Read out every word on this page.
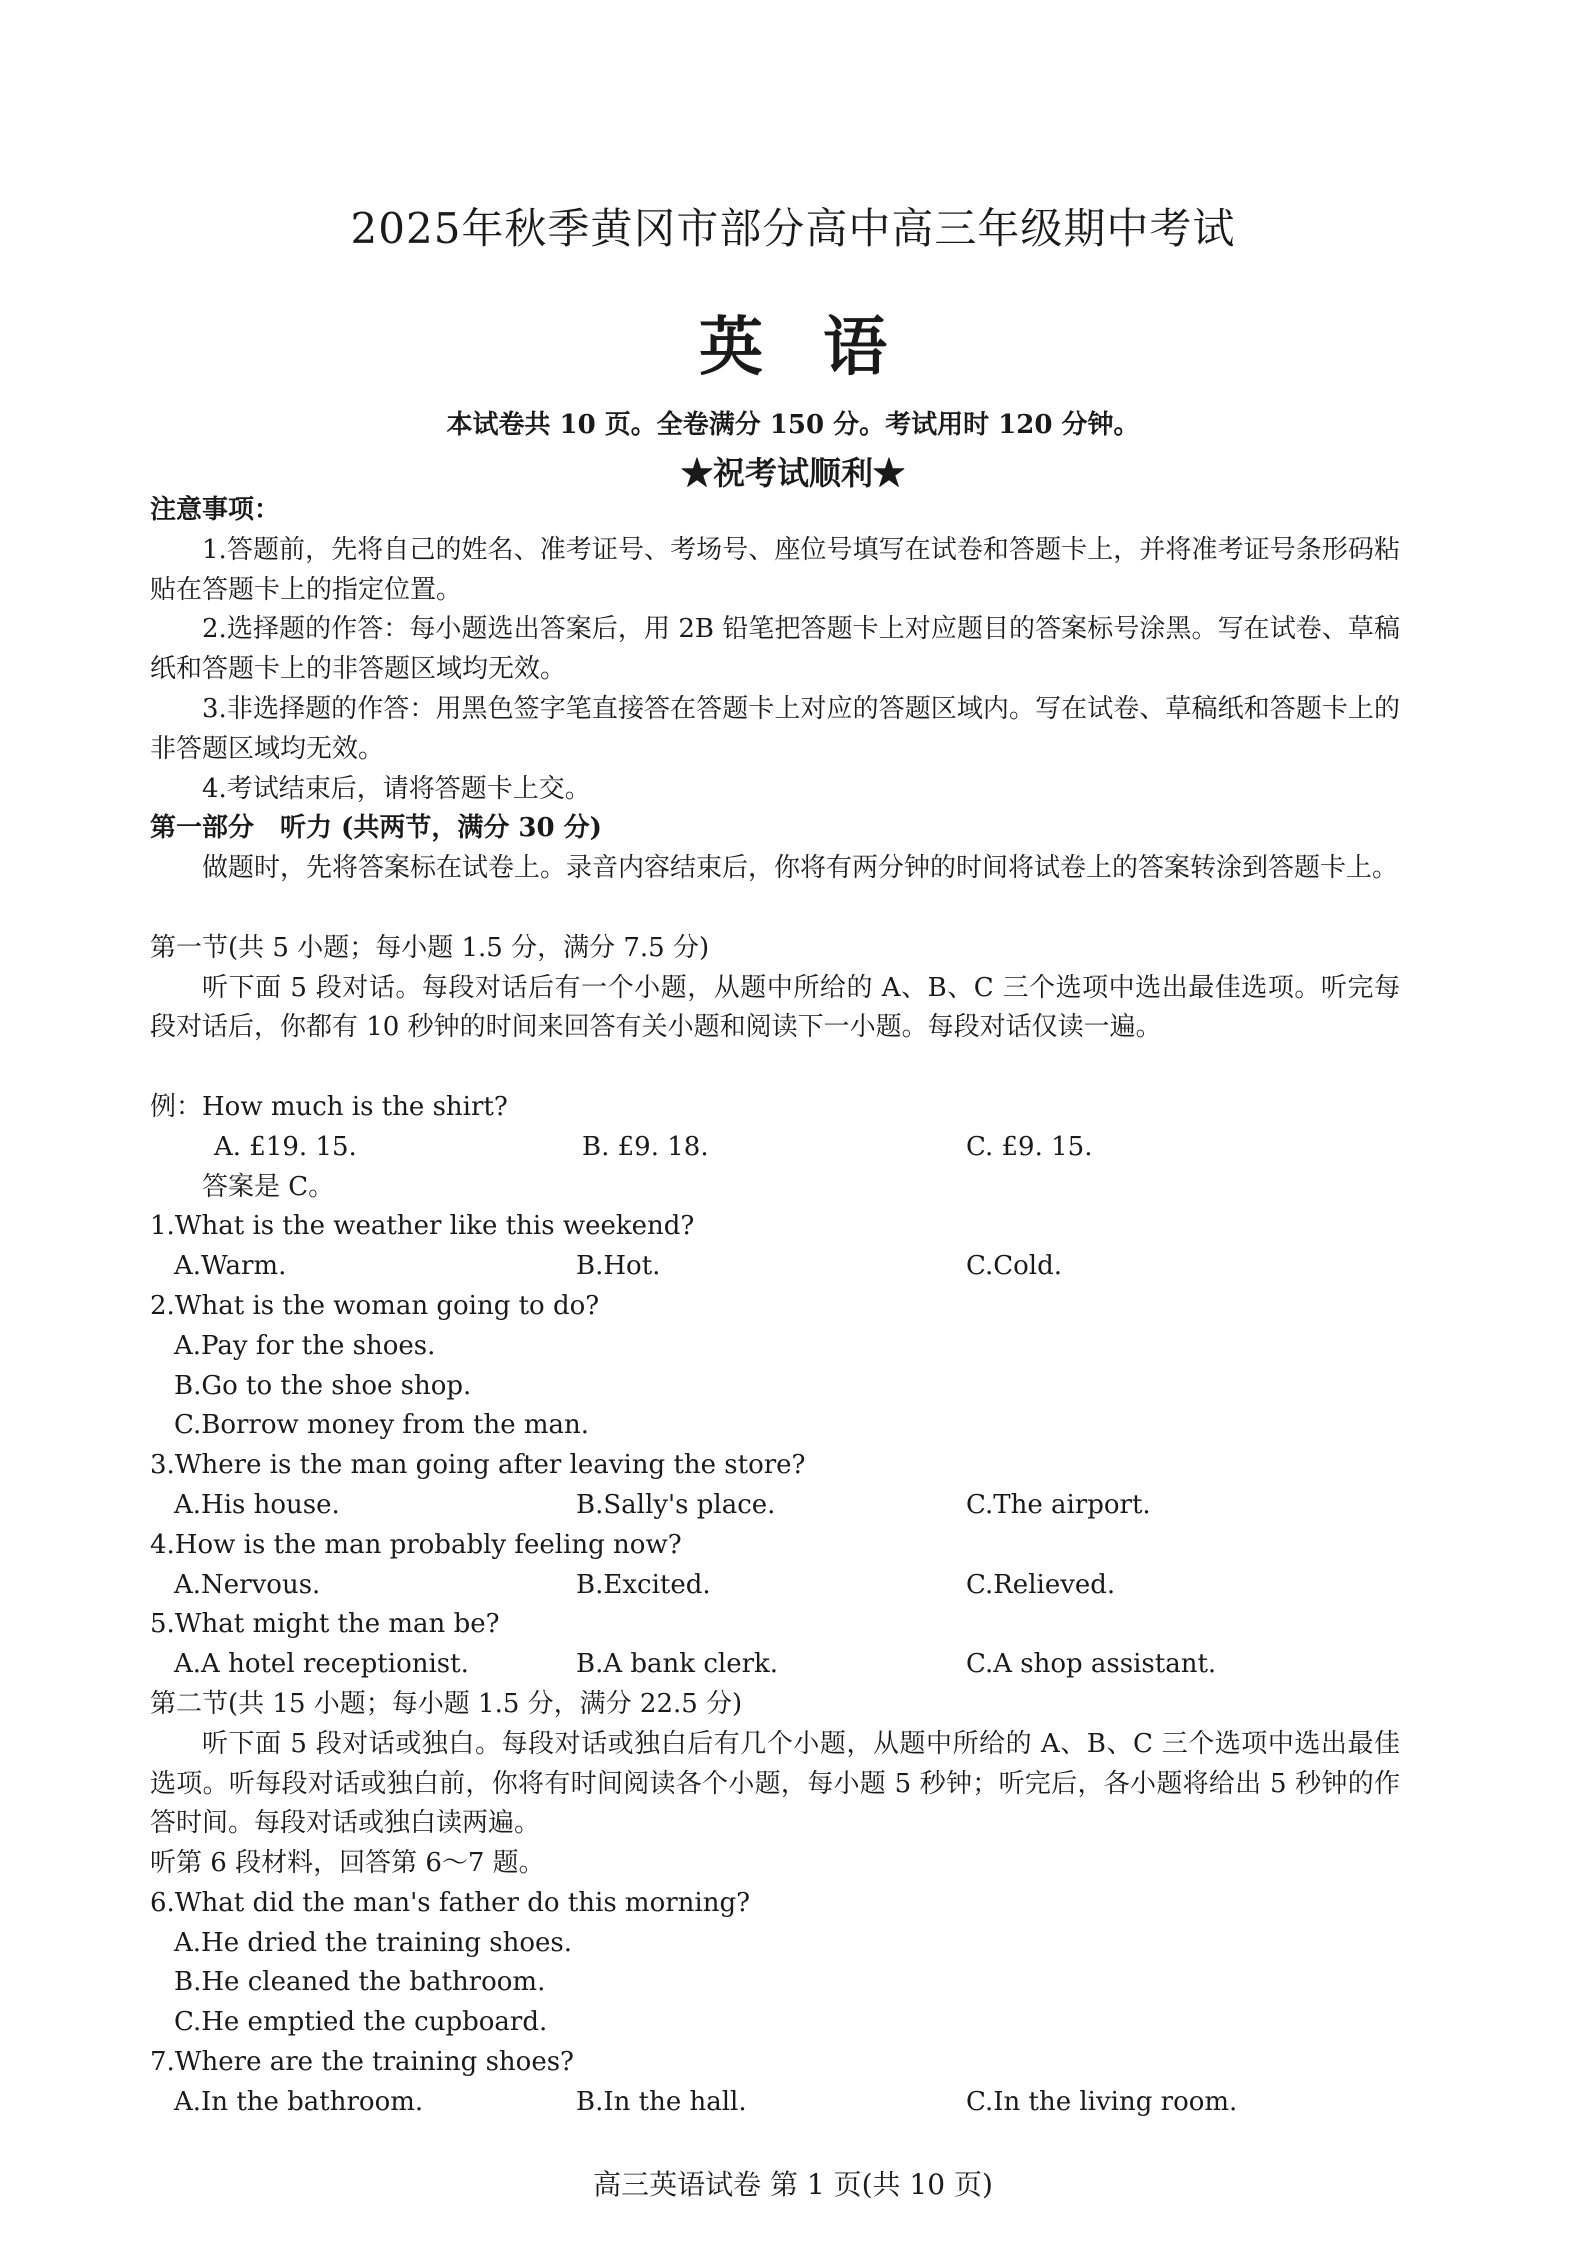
2025年秋季黄冈市部分高中高三年级期中考试
英语
本试卷共 10 页。全卷满分 150 分。考试用时 120 分钟。
★祝考试顺利★
注意事项：
1.答题前，先将自己的姓名、准考证号、考场号、座位号填写在试卷和答题卡上，并将准考证号条形码粘贴在答题卡上的指定位置。
2.选择题的作答：每小题选出答案后，用 2B 铅笔把答题卡上对应题目的答案标号涂黑。写在试卷、草稿纸和答题卡上的非答题区域均无效。
3.非选择题的作答：用黑色签字笔直接答在答题卡上对应的答题区域内。写在试卷、草稿纸和答题卡上的非答题区域均无效。
4.考试结束后，请将答题卡上交。
第一部分　听力 (共两节，满分 30 分)
做题时，先将答案标在试卷上。录音内容结束后，你将有两分钟的时间将试卷上的答案转涂到答题卡上。
第一节(共 5 小题；每小题 1.5 分，满分 7.5 分)
听下面 5 段对话。每段对话后有一个小题，从题中所给的 A、B、C 三个选项中选出最佳选项。听完每段对话后，你都有 10 秒钟的时间来回答有关小题和阅读下一小题。每段对话仅读一遍。
例：How much is the shirt?
A. £19. 15.	B. £9. 18.	C. £9. 15.
答案是 C。
1.What is the weather like this weekend?
A.Warm.	B.Hot.	C.Cold.
2.What is the woman going to do?
A.Pay for the shoes.
B.Go to the shoe shop.
C.Borrow money from the man.
3.Where is the man going after leaving the store?
A.His house.	B.Sally's place.	C.The airport.
4.How is the man probably feeling now?
A.Nervous.	B.Excited.	C.Relieved.
5.What might the man be?
A.A hotel receptionist.	B.A bank clerk.	C.A shop assistant.
第二节(共 15 小题；每小题 1.5 分，满分 22.5 分)
听下面 5 段对话或独白。每段对话或独白后有几个小题，从题中所给的 A、B、C 三个选项中选出最佳选项。听每段对话或独白前，你将有时间阅读各个小题，每小题 5 秒钟；听完后，各小题将给出 5 秒钟的作答时间。每段对话或独白读两遍。
听第 6 段材料，回答第 6～7 题。
6.What did the man's father do this morning?
A.He dried the training shoes.
B.He cleaned the bathroom.
C.He emptied the cupboard.
7.Where are the training shoes?
A.In the bathroom.	B.In the hall.	C.In the living room.
高三英语试卷 第 1 页(共 10 页)
